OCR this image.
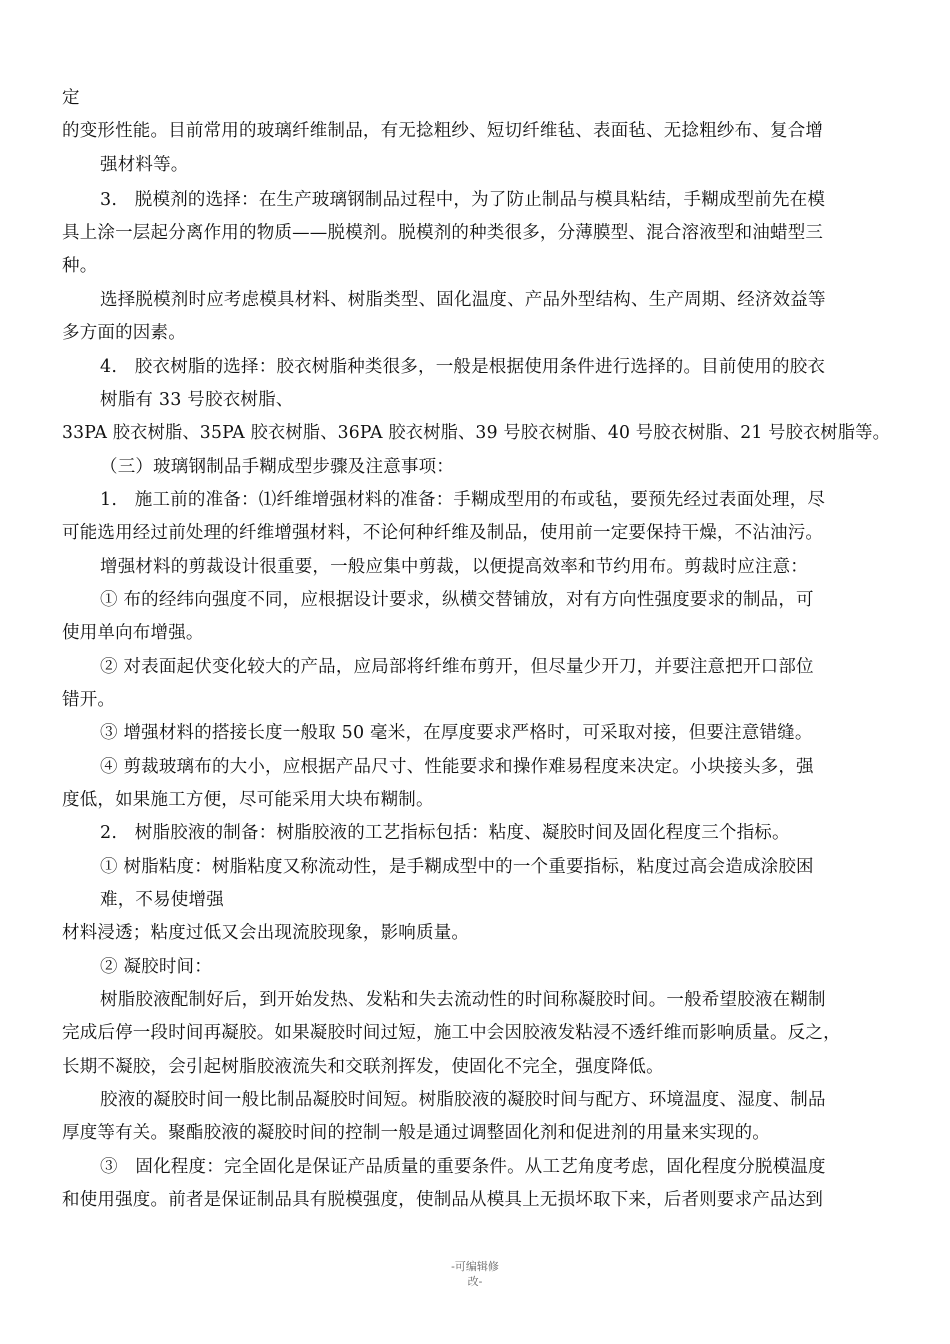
定
的变形性能。目前常用的玻璃纤维制品，有无捻粗纱、短切纤维毡、表面毡、无捻粗纱布、复合增
强材料等。
3.　脱模剂的选择：在生产玻璃钢制品过程中，为了防止制品与模具粘结，手糊成型前先在模
具上涂一层起分离作用的物质——脱模剂。脱模剂的种类很多，分薄膜型、混合溶液型和油蜡型三
种。
选择脱模剂时应考虑模具材料、树脂类型、固化温度、产品外型结构、生产周期、经济效益等
多方面的因素。
4.　胶衣树脂的选择：胶衣树脂种类很多，一般是根据使用条件进行选择的。目前使用的胶衣
树脂有 33 号胶衣树脂、
33PA 胶衣树脂、35PA 胶衣树脂、36PA 胶衣树脂、39 号胶衣树脂、40 号胶衣树脂、21 号胶衣树脂等。
（三）玻璃钢制品手糊成型步骤及注意事项：
1.　施工前的准备：⑴纤维增强材料的准备：手糊成型用的布或毡，要预先经过表面处理，尽
可能选用经过前处理的纤维增强材料，不论何种纤维及制品，使用前一定要保持干燥，不沾油污。
增强材料的剪裁设计很重要，一般应集中剪裁，以便提高效率和节约用布。剪裁时应注意：
① 布的经纬向强度不同，应根据设计要求，纵横交替铺放，对有方向性强度要求的制品，可
使用单向布增强。
② 对表面起伏变化较大的产品，应局部将纤维布剪开，但尽量少开刀，并要注意把开口部位
错开。
③ 增强材料的搭接长度一般取 50 毫米，在厚度要求严格时，可采取对接，但要注意错缝。
④ 剪裁玻璃布的大小，应根据产品尺寸、性能要求和操作难易程度来决定。小块接头多，强
度低，如果施工方便，尽可能采用大块布糊制。
2.　树脂胶液的制备：树脂胶液的工艺指标包括：粘度、凝胶时间及固化程度三个指标。
① 树脂粘度：树脂粘度又称流动性，是手糊成型中的一个重要指标，粘度过高会造成涂胶困
难，不易使增强
材料浸透；粘度过低又会出现流胶现象，影响质量。
② 凝胶时间：
树脂胶液配制好后，到开始发热、发粘和失去流动性的时间称凝胶时间。一般希望胶液在糊制
完成后停一段时间再凝胶。如果凝胶时间过短，施工中会因胶液发粘浸不透纤维而影响质量。反之，
长期不凝胶，会引起树脂胶液流失和交联剂挥发，使固化不完全，强度降低。
胶液的凝胶时间一般比制品凝胶时间短。树脂胶液的凝胶时间与配方、环境温度、湿度、制品
厚度等有关。聚酯胶液的凝胶时间的控制一般是通过调整固化剂和促进剂的用量来实现的。
③　固化程度：完全固化是保证产品质量的重要条件。从工艺角度考虑，固化程度分脱模温度
和使用强度。前者是保证制品具有脱模强度，使制品从模具上无损坏取下来，后者则要求产品达到
-可编辑修
改-
